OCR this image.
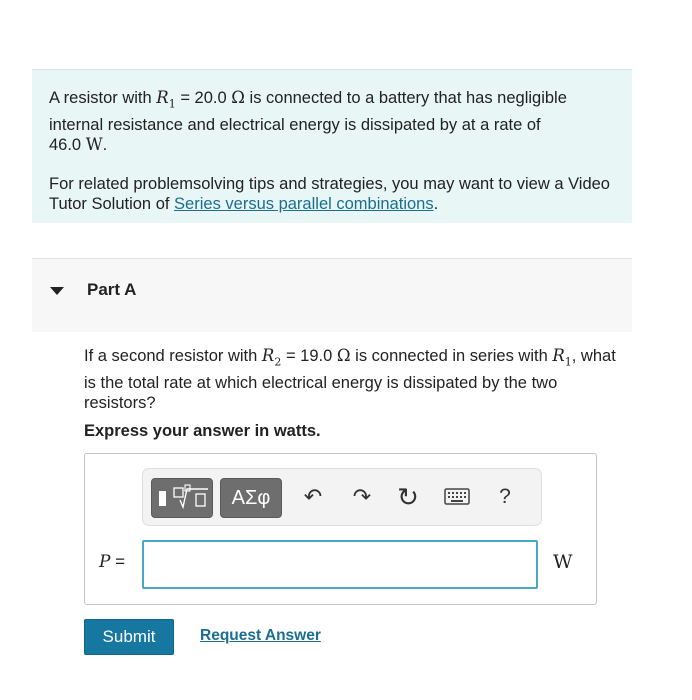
A resistor with $R_1 = 20.0$ Ω is connected to a battery that has negligible internal resistance and electrical energy is dissipated by at a rate of
46.0 W.

For related problemsolving tips and strategies, you may want to view a Video Tutor Solution of Series versus parallel combinations.

Part A
If a second resistor with $R_2 = 19.0$ Ω is connected in series with $R_1$, what is the total rate at which electrical energy is dissipated by the two resistors?
Express your answer in watts.
ΑΣφ	↶ ↷ ↻	?
P =	W
Submit	Request Answer
